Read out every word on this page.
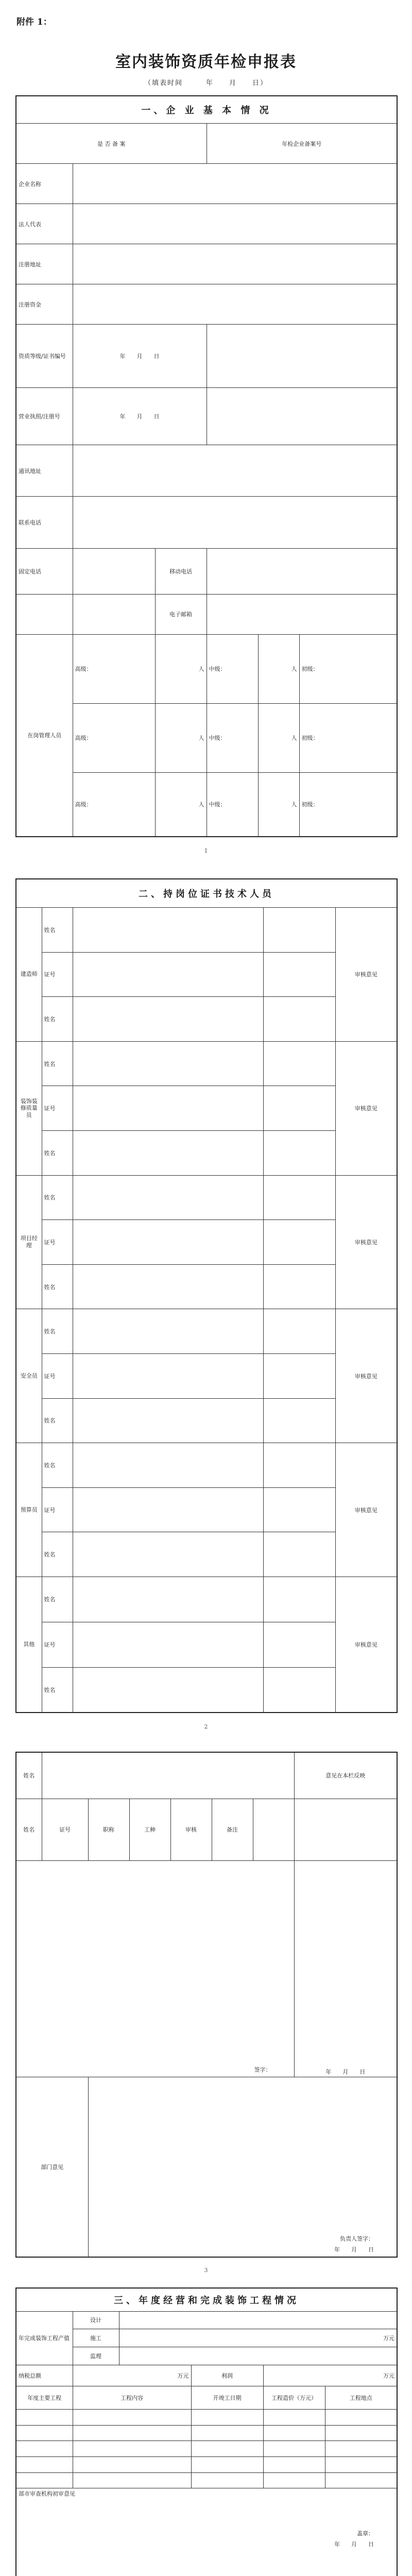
附件 1：
室内装饰资质年检申报表
（填表时间　　　年　　月　　日）
一、企 业 基 本 情 况					
是 否 备 案			年检企业备案号		
企业名称					
法人代表					
注册地址					
注册资金					
资质等级/证书编号	年　　月　　日				
营业执照/注册号	年　　月　　日				
通讯地址					
联系电话					
固定电话		移动电话			
		电子邮箱			
在岗管理人员	高级：	人	中级：	人	初级：
	高级：	人	中级：	人	初级：
	高级：	人	中级：	人	初级：
1
二、持岗位证书技术人员				
建造师	姓名			审核意见
	证号			
	姓名			
装饰装修质量员	姓名			审核意见
	证号			
	姓名			
项目经理	姓名			审核意见
	证号			
	姓名			
安全员	姓名			审核意见
	证号			
	姓名			
预算员	姓名			审核意见
	证号			
	姓名			
其他	姓名			审核意见
	证号			
	姓名			
2
姓名							意见在本栏反映
姓名	证号	职称	工种	审核	备注		

签字：							年　　月　　日

部门意见		负责人签字：
年　　月　　日					
3
三、年度经营和完成装饰工程情况					
年完成装饰工程产值	设计				
	施工	万元			
	监理				
纳税总额	万元		利润	万元	
年度主要工程	工程内容		开竣工日期	工程造价（万元）	工程地点

部市审查机构初审意见
盖章：
年　　月　　日					
